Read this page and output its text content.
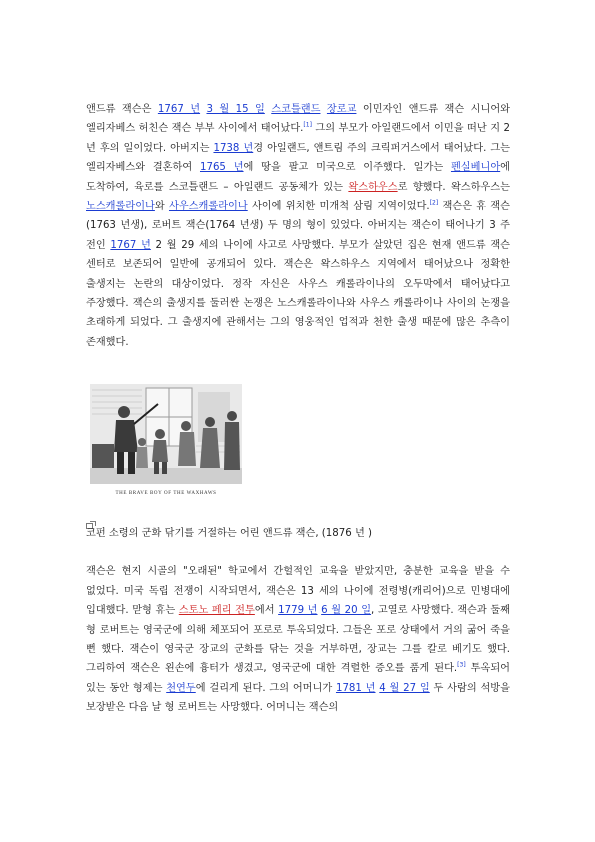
앤드류 잭슨은 1767 년 3 월 15 일 스코틀랜드 장로교 이민자인 앤드류 잭슨 시니어와 엘리자베스 허친슨 잭슨 부부 사이에서 태어났다.[1] 그의 부모가 아일랜드에서 이민을 떠난 지 2 년 후의 일이었다. 아버지는 1738 년경 아일랜드, 앤트림 주의 크릭퍼거스에서 태어났다. 그는 엘리자베스와 결혼하여 1765 년에 땅을 팔고 미국으로 이주했다. 일가는 펜실베니아에 도착하여, 육로를 스코틀랜드 – 아일랜드 공동체가 있는 왁스하우스로 향했다. 왁스하우스는 노스캐롤라이나와 사우스캐롤라이나 사이에 위치한 미개척 삼림 지역이었다.[2] 잭슨은 휴 잭슨(1763 년생), 로버트 잭슨(1764 년생) 두 명의 형이 있었다. 아버지는 잭슨이 태어나기 3 주 전인 1767 년 2 월 29 세의 나이에 사고로 사망했다. 부모가 살았던 집은 현재 앤드류 잭슨 센터로 보존되어 일반에 공개되어 있다. 잭슨은 왁스하우스 지역에서 태어났으나 정확한 출생지는 논란의 대상이었다. 정작 자신은 사우스 캐롤라이나의 오두막에서 태어났다고 주장했다. 잭슨의 출생지를 둘러싼 논쟁은 노스캐롤라이나와 사우스 캐롤라이나 사이의 논쟁을 초래하게 되었다. 그 출생지에 관해서는 그의 영웅적인 업적과 천한 출생 때문에 많은 추측이 존재했다.

THE BRAVE BOY OF THE WAXHAWS
코펀 소령의 군화 닦기를 거절하는 어린 앤드류 잭슨, (1876 년 )

잭슨은 현지 시골의 "오래된" 학교에서 간헐적인 교육을 받았지만, 충분한 교육을 받을 수 없었다. 미국 독립 전쟁이 시작되면서, 잭슨은 13 세의 나이에 전령병(캐리어)으로 민병대에 입대했다. 맏형 휴는 스토노 페리 전투에서 1779 년 6 월 20 일, 고열로 사망했다. 잭슨과 둘째 형 로버트는 영국군에 의해 체포되어 포로로 투옥되었다. 그들은 포로 상태에서 거의 굶어 죽을 뻔 했다. 잭슨이 영국군 장교의 군화를 닦는 것을 거부하면, 장교는 그를 칼로 베기도 했다. 그리하여 잭슨은 왼손에 흉터가 생겼고, 영국군에 대한 격렬한 증오를 품게 된다.[3] 투옥되어 있는 동안 형제는 천연두에 걸리게 된다. 그의 어머니가 1781 년 4 월 27 일 두 사람의 석방을 보장받은 다음 날 형 로버트는 사망했다. 어머니는 잭슨의
